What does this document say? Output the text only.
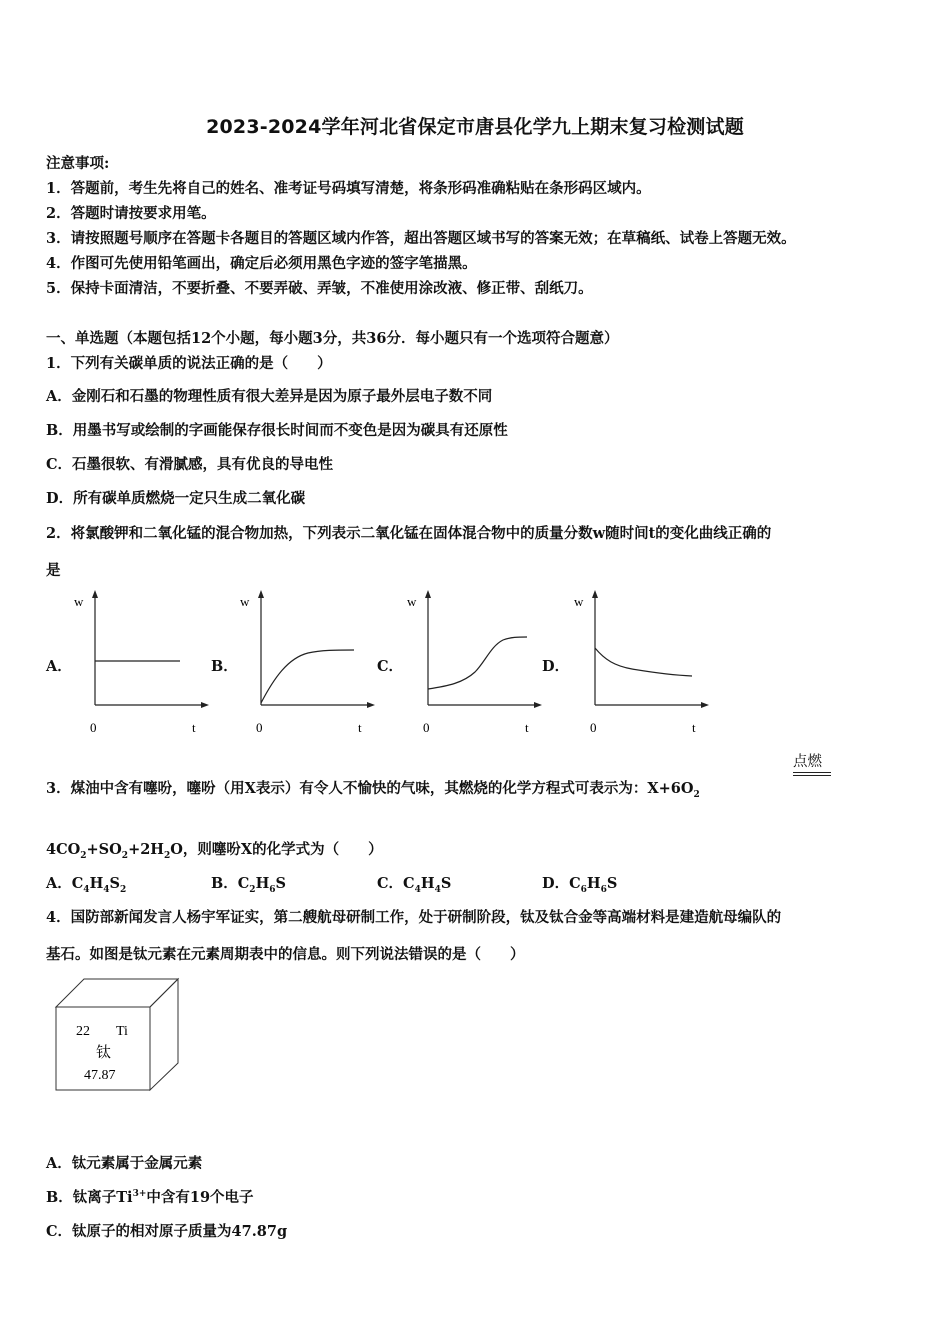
2023-2024学年河北省保定市唐县化学九上期末复习检测试题
注意事项:
1．答题前，考生先将自己的姓名、准考证号码填写清楚，将条形码准确粘贴在条形码区域内。
2．答题时请按要求用笔。
3．请按照题号顺序在答题卡各题目的答题区域内作答，超出答题区域书写的答案无效；在草稿纸、试卷上答题无效。
4．作图可先使用铅笔画出，确定后必须用黑色字迹的签字笔描黑。
5．保持卡面清洁，不要折叠、不要弄破、弄皱，不准使用涂改液、修正带、刮纸刀。
一、单选题（本题包括12个小题，每小题3分，共36分．每小题只有一个选项符合题意）
1．下列有关碳单质的说法正确的是（　　）
A．金刚石和石墨的物理性质有很大差异是因为原子最外层电子数不同
B．用墨书写或绘制的字画能保存很长时间而不变色是因为碳具有还原性
C．石墨很软、有滑腻感，具有优良的导电性
D．所有碳单质燃烧一定只生成二氧化碳
2．将氯酸钾和二氧化锰的混合物加热，下列表示二氧化锰在固体混合物中的质量分数w随时间t的变化曲线正确的
是
A．
w
0	t
B．
w
0	t
C．
w
0	t
D．
w
0	t
3．煤油中含有噻吩，噻吩（用X表示）有令人不愉快的气味，其燃烧的化学方程式可表示为：$X+6O_2$
点燃
$4CO_2+SO_2+2H_2O$，则噻吩X的化学式为（　　）
A．$C_4H_4S_2$	B．$C_2H_6S$	C．$C_4H_4S$	D．$C_6H_6S$
4．国防部新闻发言人杨宇军证实，第二艘航母研制工作，处于研制阶段，钛及钛合金等高端材料是建造航母编队的
基石。如图是钛元素在元素周期表中的信息。则下列说法错误的是（　　）
22 Ti
钛
47.87
A．钛元素属于金属元素
B．钛离子$Ti^{3+}$中含有19个电子
C．钛原子的相对原子质量为47.87g
